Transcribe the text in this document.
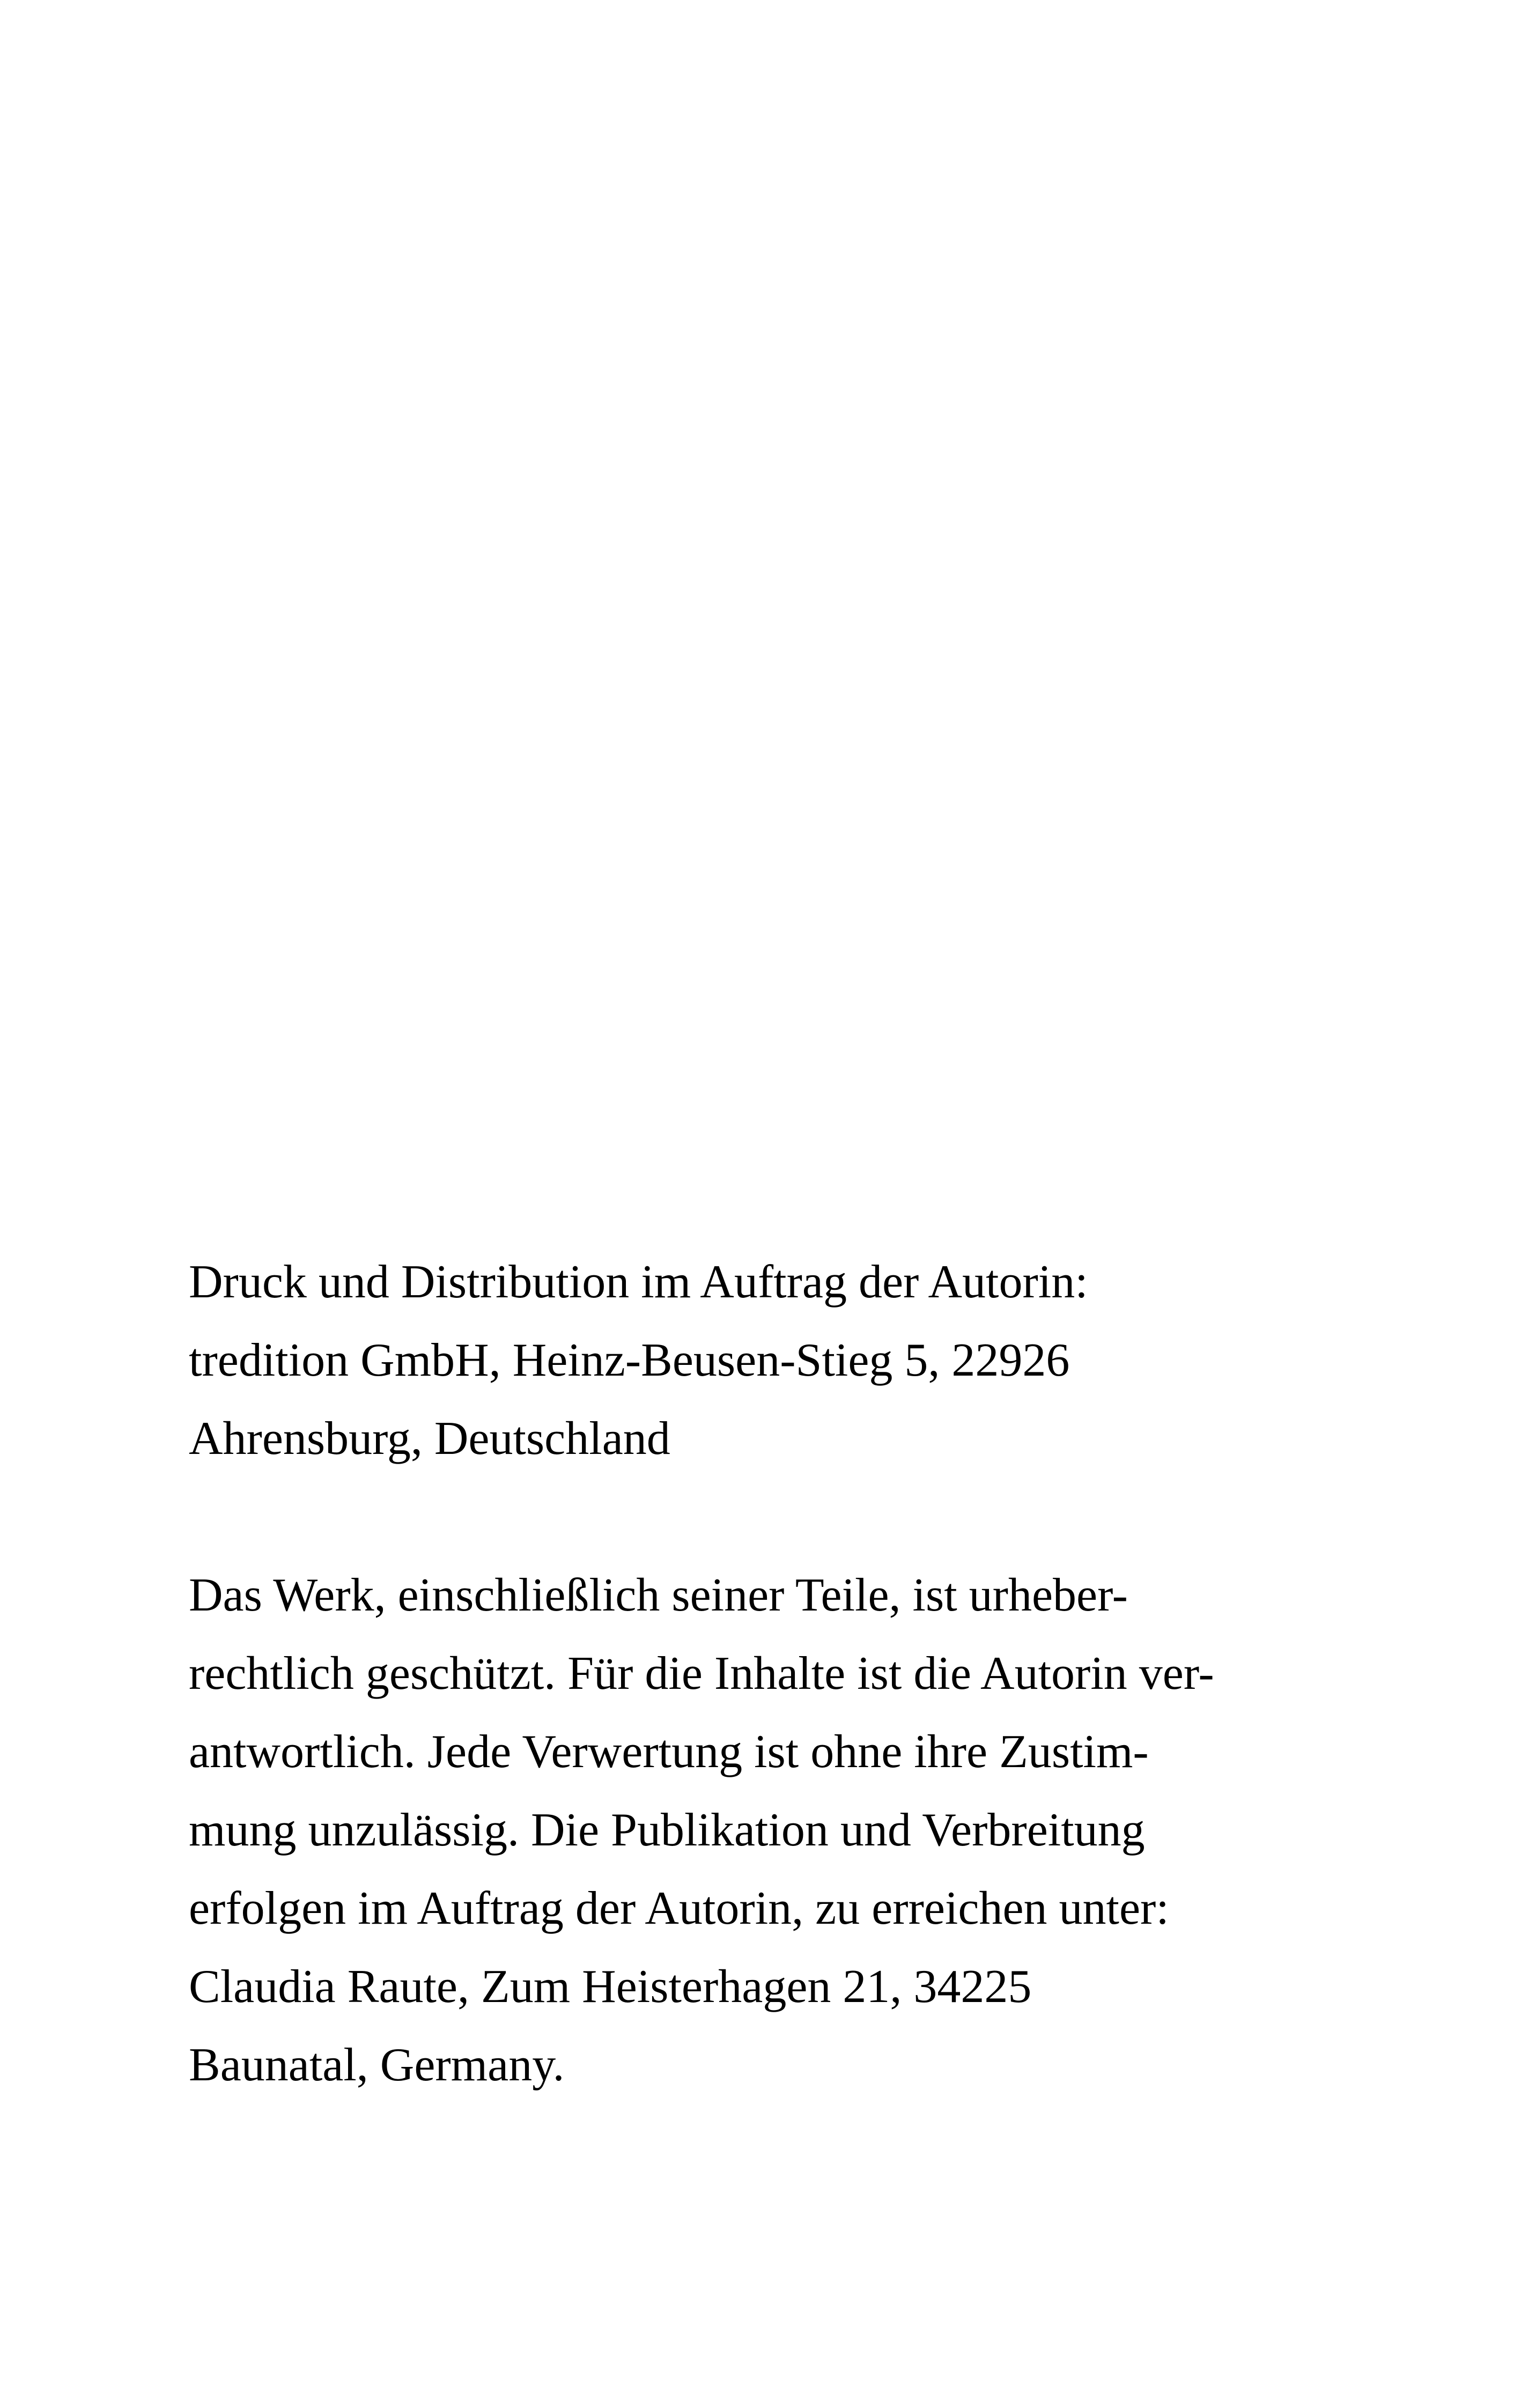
Druck und Distribution im Auftrag der Autorin:
tredition GmbH, Heinz-Beusen-Stieg 5, 22926
Ahrensburg, Deutschland

Das Werk, einschließlich seiner Teile, ist urheber-
rechtlich geschützt. Für die Inhalte ist die Autorin ver-
antwortlich. Jede Verwertung ist ohne ihre Zustim-
mung unzulässig. Die Publikation und Verbreitung
erfolgen im Auftrag der Autorin, zu erreichen unter:
Claudia Raute, Zum Heisterhagen 21, 34225
Baunatal, Germany.
